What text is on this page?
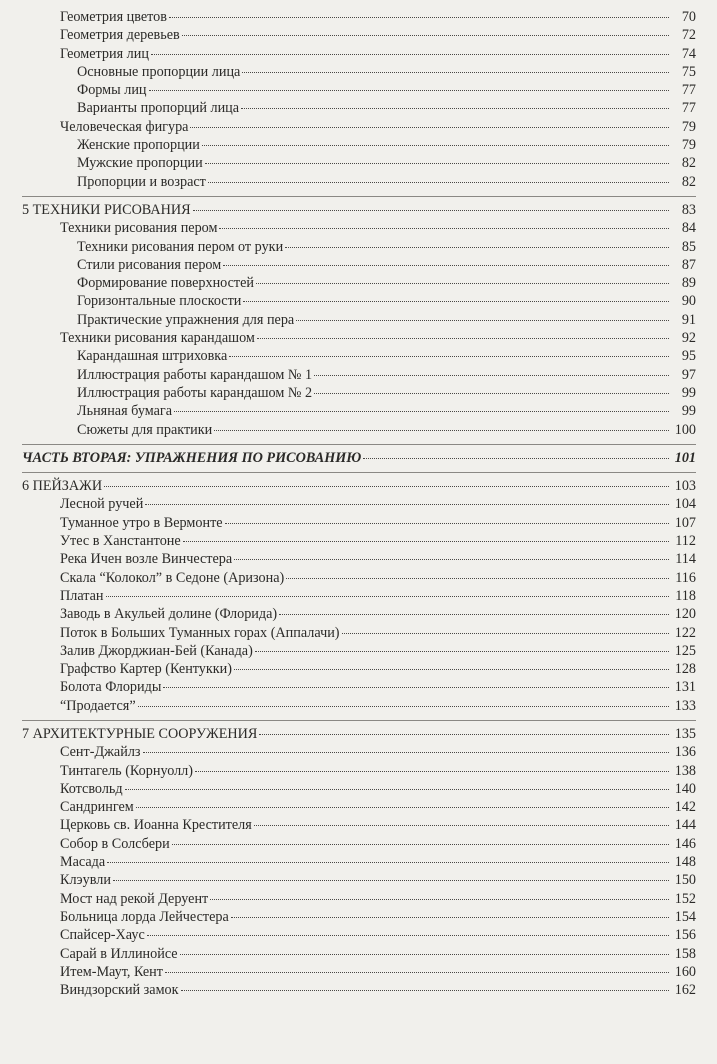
Геометрия цветов	70
Геометрия деревьев	72
Геометрия лиц	74
Основные пропорции лица	75
Формы лиц	77
Варианты пропорций лица	77
Человеческая фигура	79
Женские пропорции	79
Мужские пропорции	82
Пропорции и возраст	82
5 ТЕХНИКИ РИСОВАНИЯ	83
Техники рисования пером	84
Техники рисования пером от руки	85
Стили рисования пером	87
Формирование поверхностей	89
Горизонтальные плоскости	90
Практические упражнения для пера	91
Техники рисования карандашом	92
Карандашная штриховка	95
Иллюстрация работы карандашом № 1	97
Иллюстрация работы карандашом № 2	99
Льняная бумага	99
Сюжеты для практики	100
ЧАСТЬ ВТОРАЯ: УПРАЖНЕНИЯ ПО РИСОВАНИЮ	101
6 ПЕЙЗАЖИ	103
Лесной ручей	104
Туманное утро в Вермонте	107
Утес в Ханстантоне	112
Река Ичен возле Винчестера	114
Скала “Колокол” в Седоне (Аризона)	116
Платан	118
Заводь в Акульей долине (Флорида)	120
Поток в Больших Туманных горах (Аппалачи)	122
Залив Джорджиан-Бей (Канада)	125
Графство Картер (Кентукки)	128
Болота Флориды	131
“Продается”	133
7 АРХИТЕКТУРНЫЕ СООРУЖЕНИЯ	135
Сент-Джайлз	136
Тинтагель (Корнуолл)	138
Котсвольд	140
Сандрингем	142
Церковь св. Иоанна Крестителя	144
Собор в Солсбери	146
Масада	148
Клэувли	150
Мост над рекой Деруент	152
Больница лорда Лейчестера	154
Спайсер-Хаус	156
Сарай в Иллинойсе	158
Итем-Маут, Кент	160
Виндзорский замок	162
